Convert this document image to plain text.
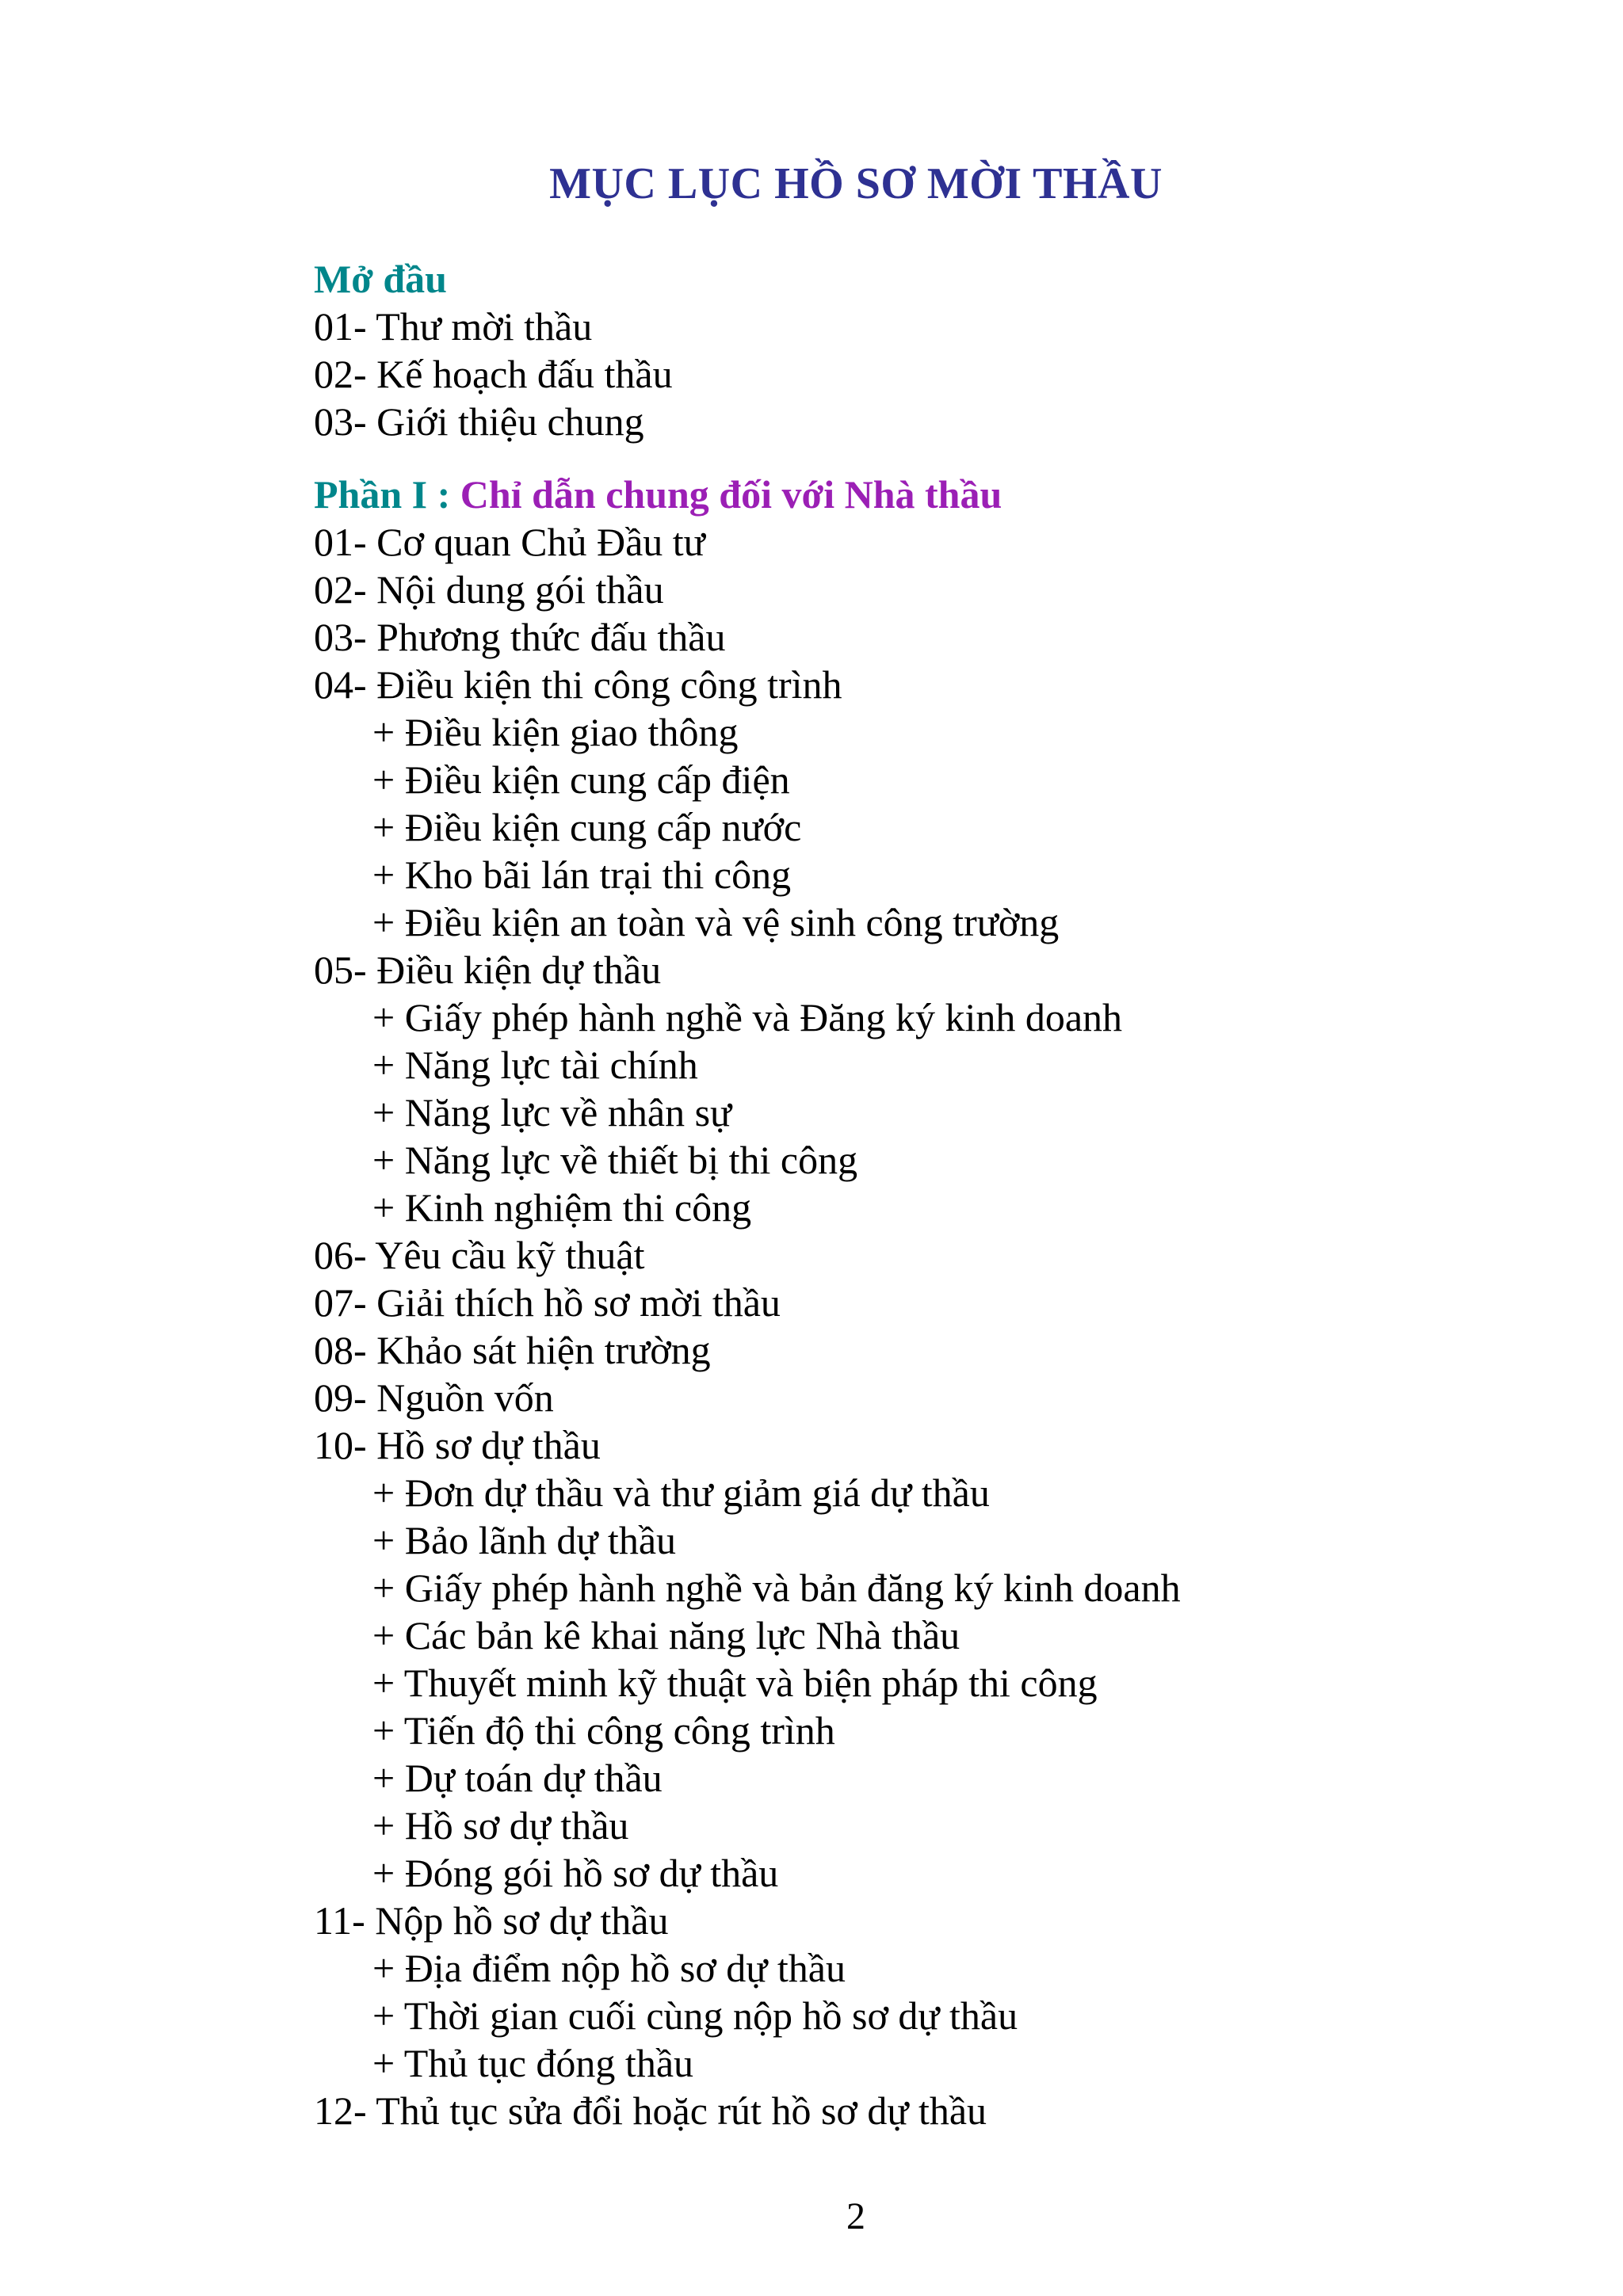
MỤC LỤC HỒ SƠ MỜI THẦU
Mở đầu
01- Thư mời thầu
02- Kế hoạch đấu thầu
03- Giới thiệu chung
Phần I : Chỉ dẫn chung đối với Nhà thầu
01- Cơ quan Chủ Đầu tư
02- Nội dung gói thầu
03- Phương thức đấu thầu
04- Điều kiện thi công công trình
+ Điều kiện giao thông
+ Điều kiện cung cấp điện
+ Điều kiện cung cấp nước
+ Kho bãi lán trại thi công
+ Điều kiện an toàn và vệ sinh công trường
05- Điều kiện dự thầu
+ Giấy phép hành nghề và Đăng ký kinh doanh
+ Năng lực tài chính
+ Năng lực về nhân sự
+ Năng lực về thiết bị thi công
+ Kinh nghiệm thi công
06- Yêu cầu kỹ thuật
07- Giải thích hồ sơ mời thầu
08- Khảo sát hiện trường
09- Nguồn vốn
10- Hồ sơ dự thầu
+ Đơn dự thầu và thư giảm giá dự thầu
+ Bảo lãnh dự thầu
+ Giấy phép hành nghề và bản đăng ký kinh doanh
+ Các bản kê khai năng lực Nhà thầu
+ Thuyết minh kỹ thuật và biện pháp thi công
+ Tiến độ thi công công trình
+ Dự toán dự thầu
+ Hồ sơ dự thầu
+ Đóng gói hồ sơ dự thầu
11- Nộp hồ sơ dự thầu
+ Địa điểm nộp hồ sơ dự thầu
+ Thời gian cuối cùng nộp hồ sơ dự thầu
+ Thủ tục đóng thầu
12- Thủ tục sửa đổi hoặc rút hồ sơ dự thầu
2
